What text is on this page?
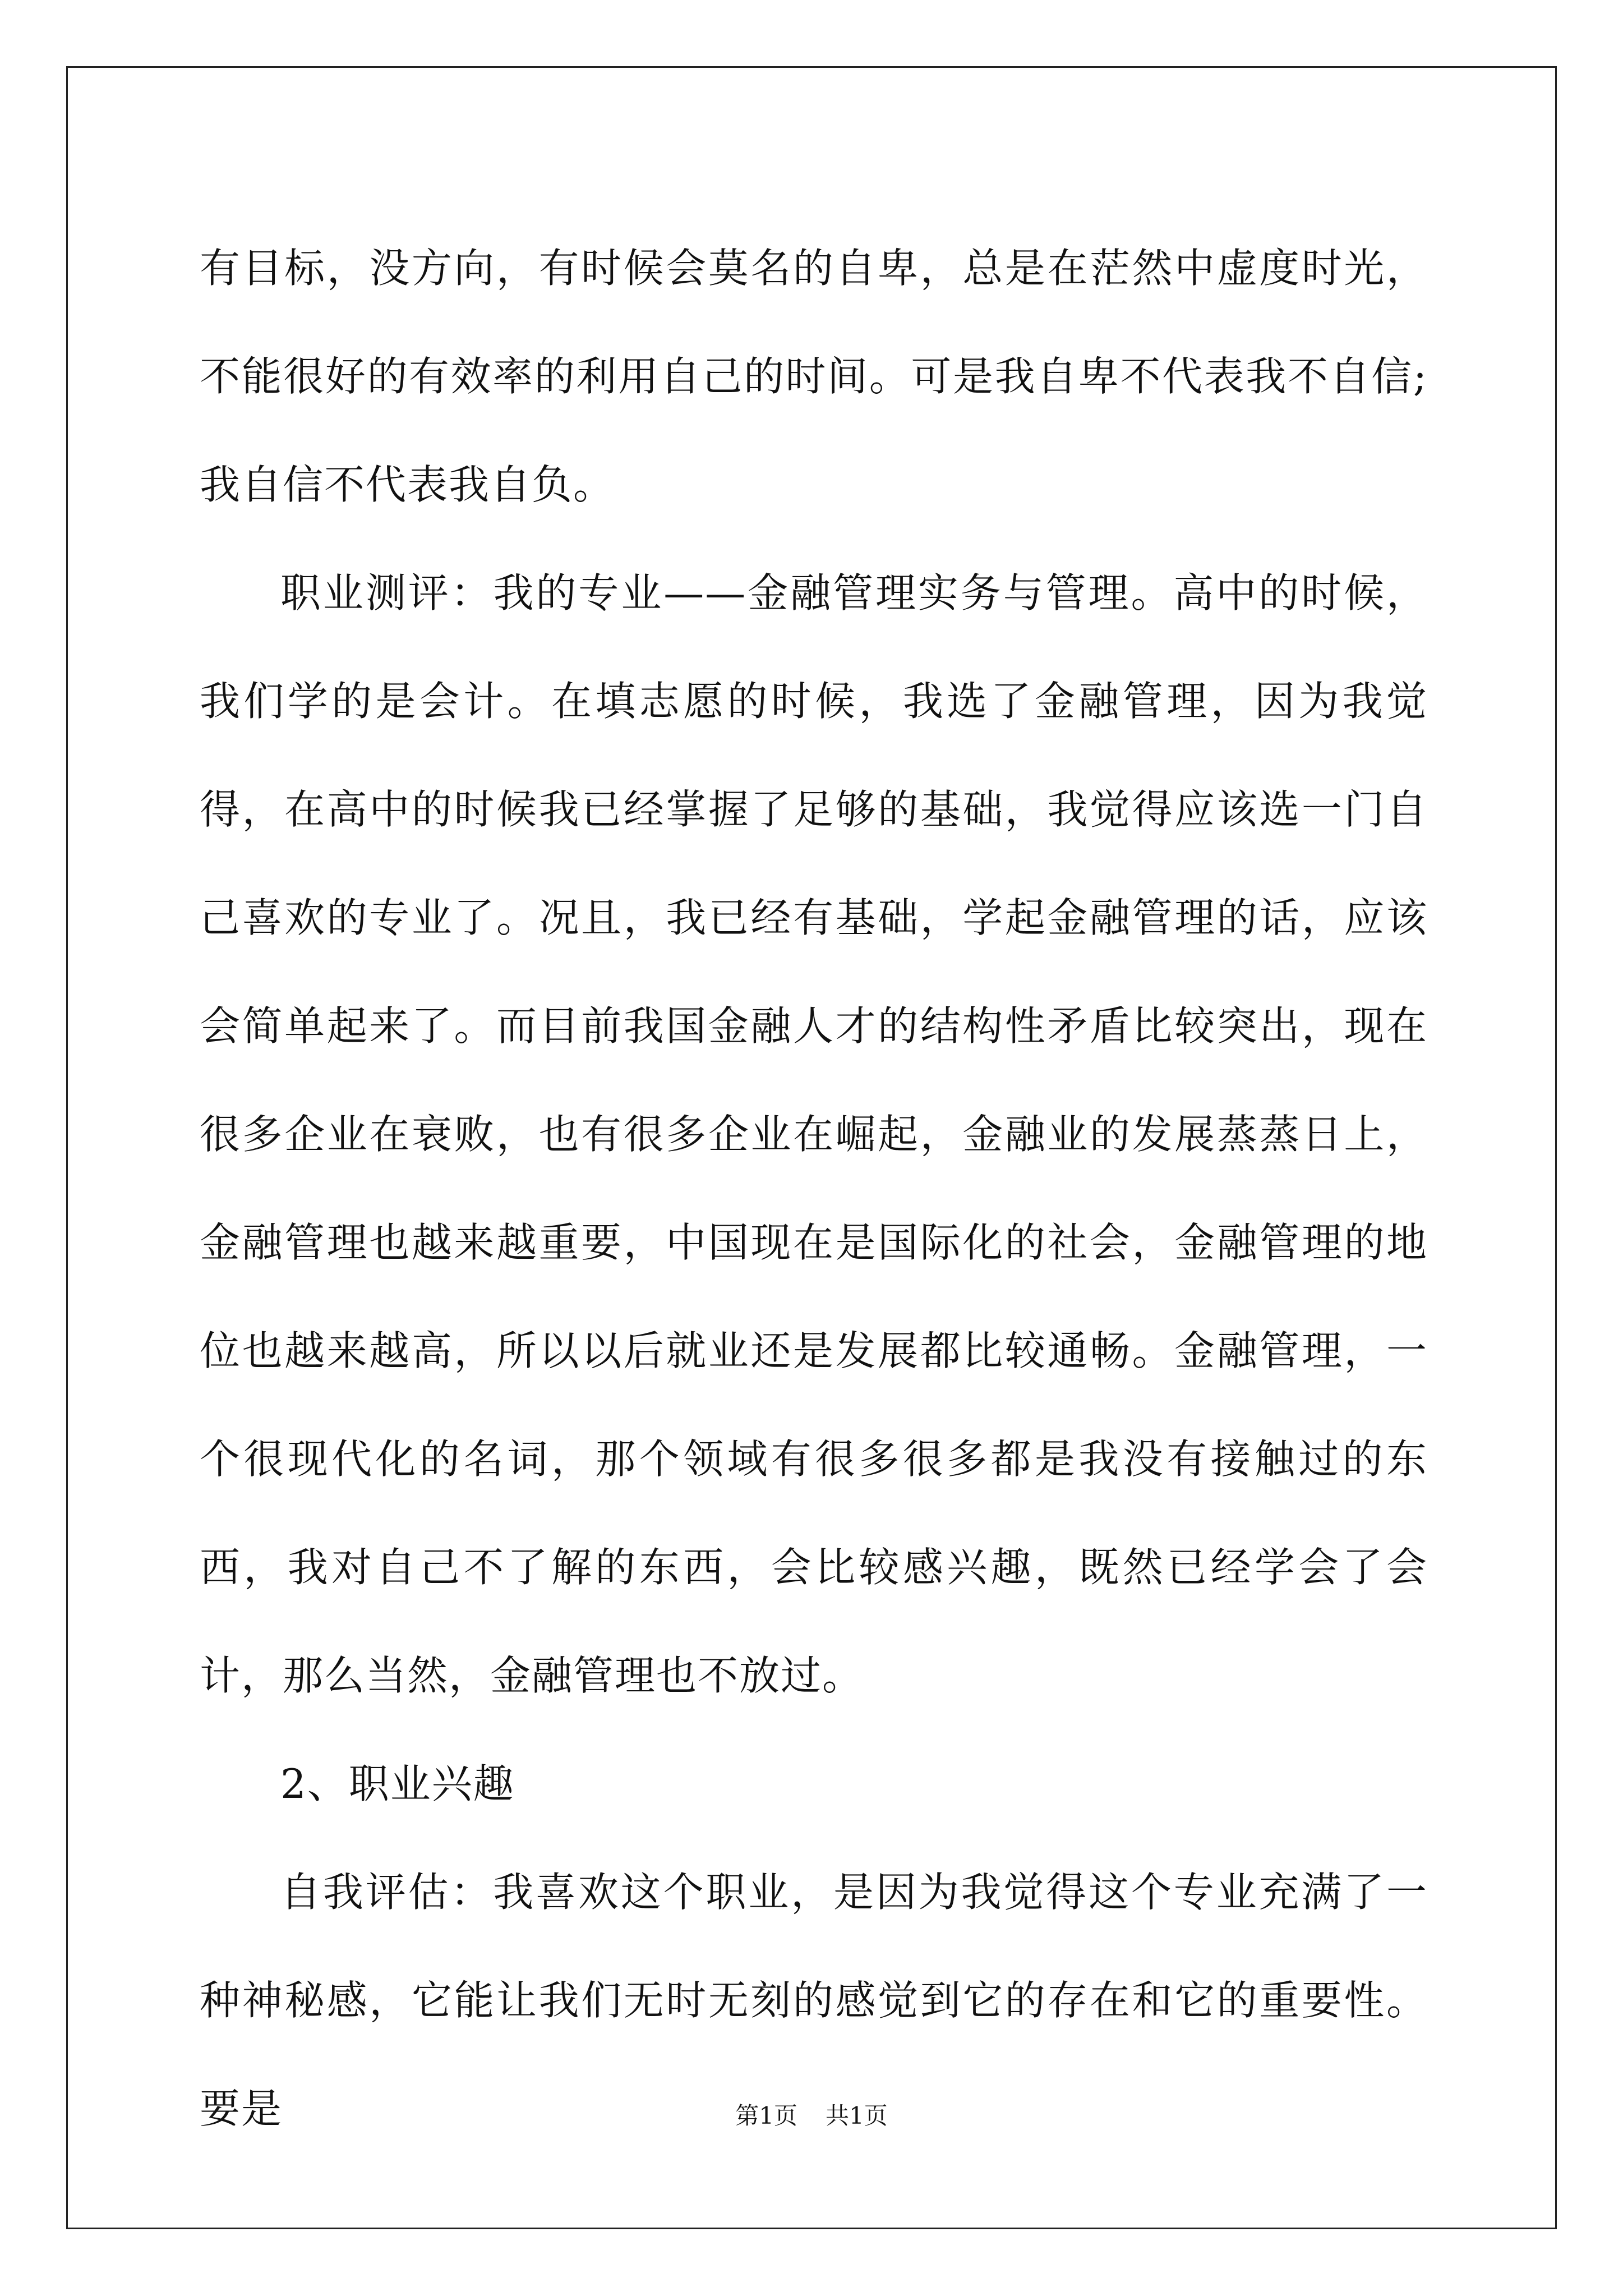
有目标，没方向，有时候会莫名的自卑，总是在茫然中虚度时光，不能很好的有效率的利用自己的时间。可是我自卑不代表我不自信;我自信不代表我自负。

职业测评：我的专业——金融管理实务与管理。高中的时候，我们学的是会计。在填志愿的时候，我选了金融管理，因为我觉得，在高中的时候我已经掌握了足够的基础，我觉得应该选一门自己喜欢的专业了。况且，我已经有基础，学起金融管理的话，应该会简单起来了。而目前我国金融人才的结构性矛盾比较突出，现在很多企业在衰败，也有很多企业在崛起，金融业的发展蒸蒸日上，金融管理也越来越重要，中国现在是国际化的社会，金融管理的地位也越来越高，所以以后就业还是发展都比较通畅。金融管理，一个很现代化的名词，那个领域有很多很多都是我没有接触过的东西，我对自己不了解的东西，会比较感兴趣，既然已经学会了会计，那么当然，金融管理也不放过。

2、职业兴趣

自我评估：我喜欢这个职业，是因为我觉得这个专业充满了一种神秘感，它能让我们无时无刻的感觉到它的存在和它的重要性。要是	第1页 共1页
